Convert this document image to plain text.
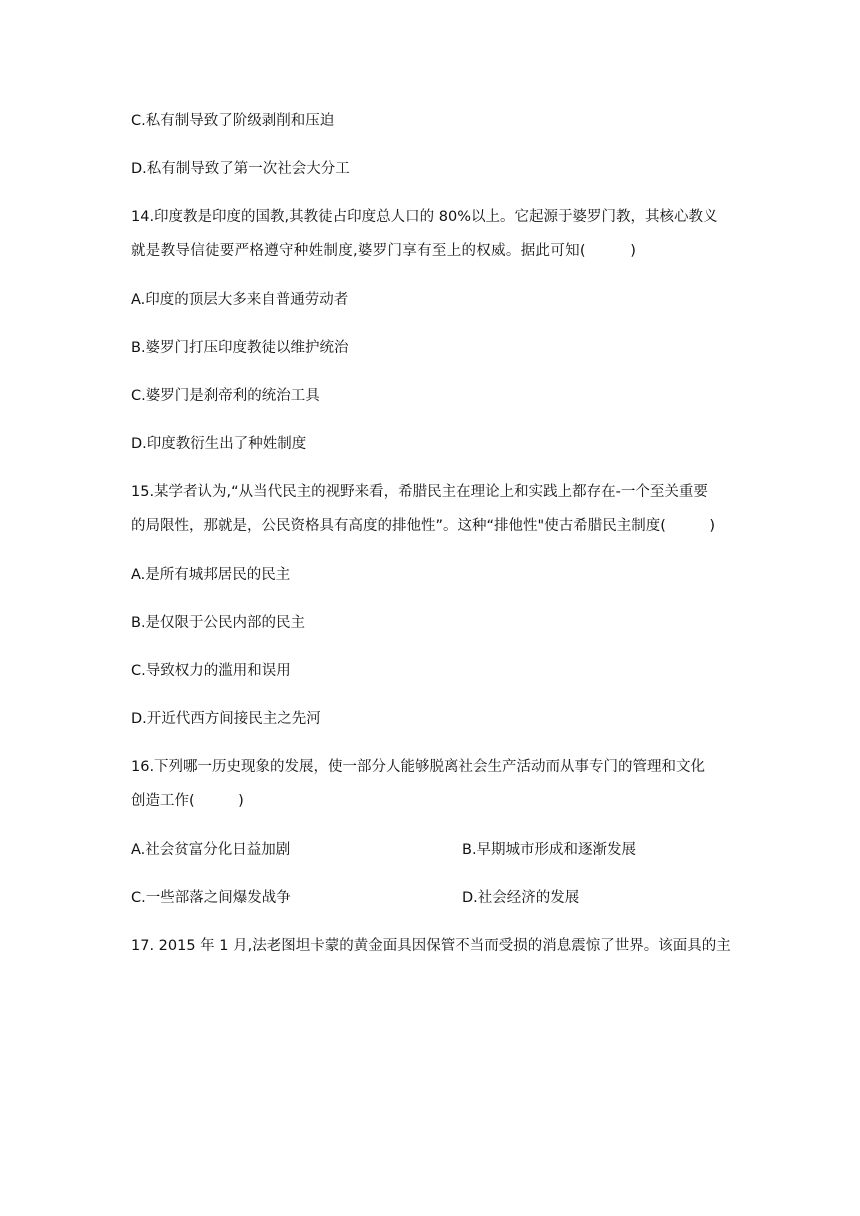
C.私有制导致了阶级剥削和压迫
D.私有制导致了第一次社会大分工
14.印度教是印度的国教,其教徒占印度总人口的 80%以上。它起源于婆罗门教，其核心教义
就是教导信徒要严格遵守种姓制度,婆罗门享有至上的权威。据此可知(　　　)
A.印度的顶层大多来自普通劳动者
B.婆罗门打压印度教徒以维护统治
C.婆罗门是刹帝利的统治工具
D.印度教衍生出了种姓制度
15.某学者认为,“从当代民主的视野来看，希腊民主在理论上和实践上都存在-一个至关重要
的局限性，那就是，公民资格具有高度的排他性”。这种“排他性"使古希腊民主制度(　　　)
A.是所有城邦居民的民主
B.是仅限于公民内部的民主
C.导致权力的滥用和误用
D.开近代西方间接民主之先河
16.下列哪一历史现象的发展，使一部分人能够脱离社会生产活动而从事专门的管理和文化
创造工作(　　　)
A.社会贫富分化日益加剧	B.早期城市形成和逐渐发展
C.一些部落之间爆发战争	D.社会经济的发展
17. 2015 年 1 月,法老图坦卡蒙的黄金面具因保管不当而受损的消息震惊了世界。该面具的主
